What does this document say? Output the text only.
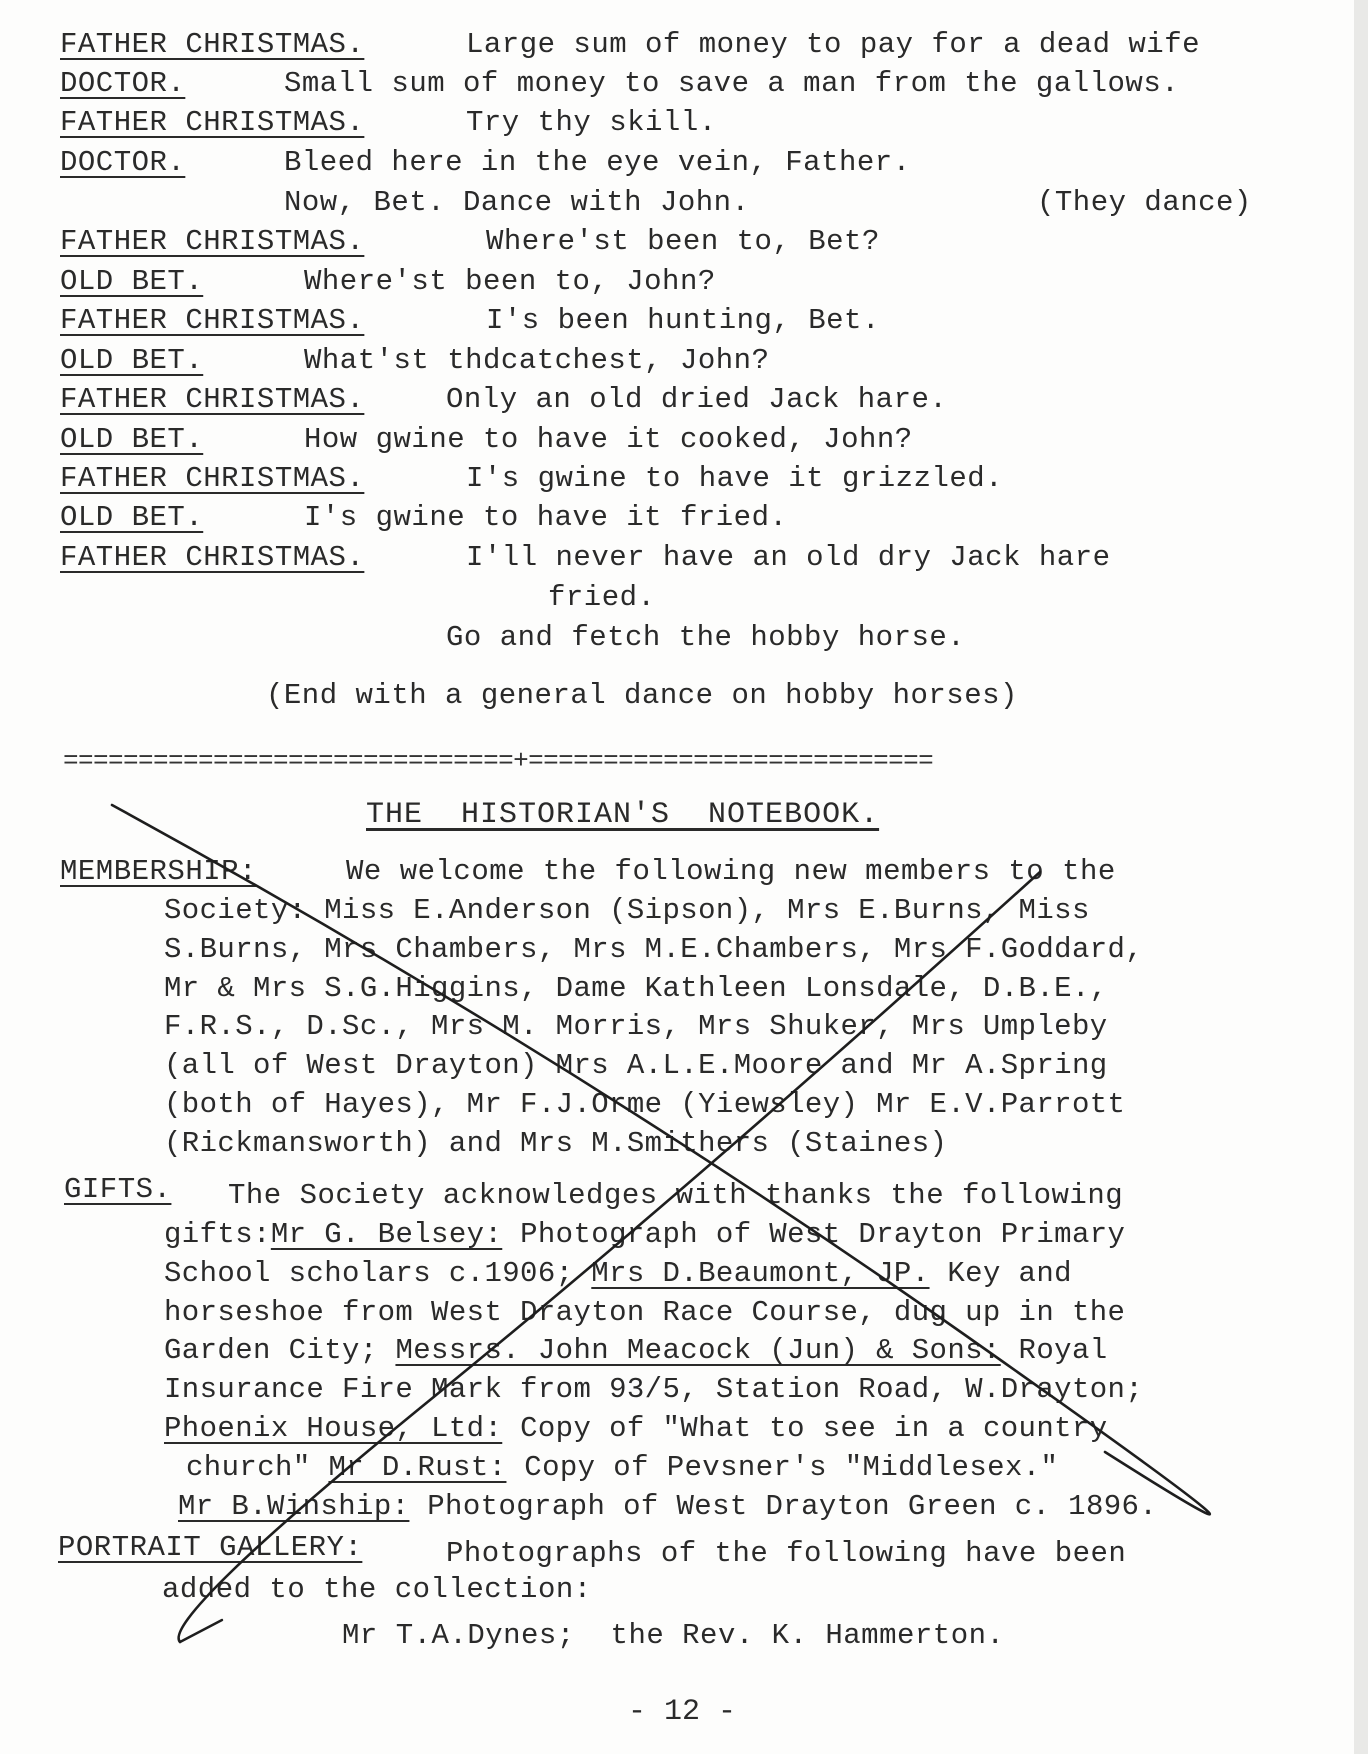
FATHER CHRISTMAS.	Large sum of money to pay for a dead wife
DOCTOR.	Small sum of money to save a man from the gallows.
FATHER CHRISTMAS.	Try thy skill.
DOCTOR.	Bleed here in the eye vein, Father.
Now, Bet. Dance with John.	(They dance)
FATHER CHRISTMAS.	Where'st been to, Bet?
OLD BET.	Where'st been to, John?
FATHER CHRISTMAS.	I's been hunting, Bet.
OLD BET.	What'st thdcatchest, John?
FATHER CHRISTMAS.	Only an old dried Jack hare.
OLD BET.	How gwine to have it cooked, John?
FATHER CHRISTMAS.	I's gwine to have it grizzled.
OLD BET.	I's gwine to have it fried.
FATHER CHRISTMAS.	I'll never have an old dry Jack hare
fried.
Go and fetch the hobby horse.
(End with a general dance on hobby horses)
==============================+===========================
THE  HISTORIAN'S  NOTEBOOK.
MEMBERSHIP:	We welcome the following new members to the
Society: Miss E.Anderson (Sipson), Mrs E.Burns, Miss
S.Burns, Mrs Chambers, Mrs M.E.Chambers, Mrs F.Goddard,
Mr & Mrs S.G.Higgins, Dame Kathleen Lonsdale, D.B.E.,
F.R.S., D.Sc., Mrs M. Morris, Mrs Shuker, Mrs Umpleby
(all of West Drayton) Mrs A.L.E.Moore and Mr A.Spring
(both of Hayes), Mr F.J.Orme (Yiewsley) Mr E.V.Parrott
(Rickmansworth) and Mrs M.Smithers (Staines)
GIFTS. The Society acknowledges with thanks the following
gifts:Mr G. Belsey: Photograph of West Drayton Primary
School scholars c.1906; Mrs D.Beaumont, JP. Key and
horseshoe from West Drayton Race Course, dug up in the
Garden City; Messrs. John Meacock (Jun) & Sons: Royal
Insurance Fire Mark from 93/5, Station Road, W.Drayton;
Phoenix House, Ltd: Copy of "What to see in a country
church" Mr D.Rust: Copy of Pevsner's "Middlesex."
Mr B.Winship: Photograph of West Drayton Green c. 1896.
PORTRAIT GALLERY:	Photographs of the following have been
added to the collection:
Mr T.A.Dynes;  the Rev. K. Hammerton.
- 12 -
